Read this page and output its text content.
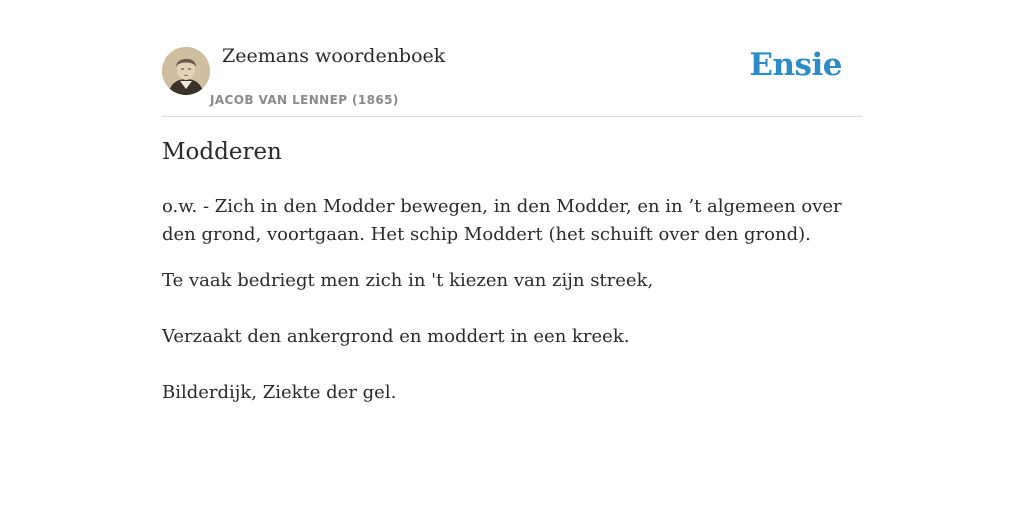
Zeemans woordenboek
JACOB VAN LENNEP (1865)
Ensie
Modderen

o.w. - Zich in den Modder bewegen, in den Modder, en in ’t algemeen over den grond, voortgaan. Het schip Moddert (het schuift over den grond).

Te vaak bedriegt men zich in 't kiezen van zijn streek,

Verzaakt den ankergrond en moddert in een kreek.

Bilderdijk, Ziekte der gel.
